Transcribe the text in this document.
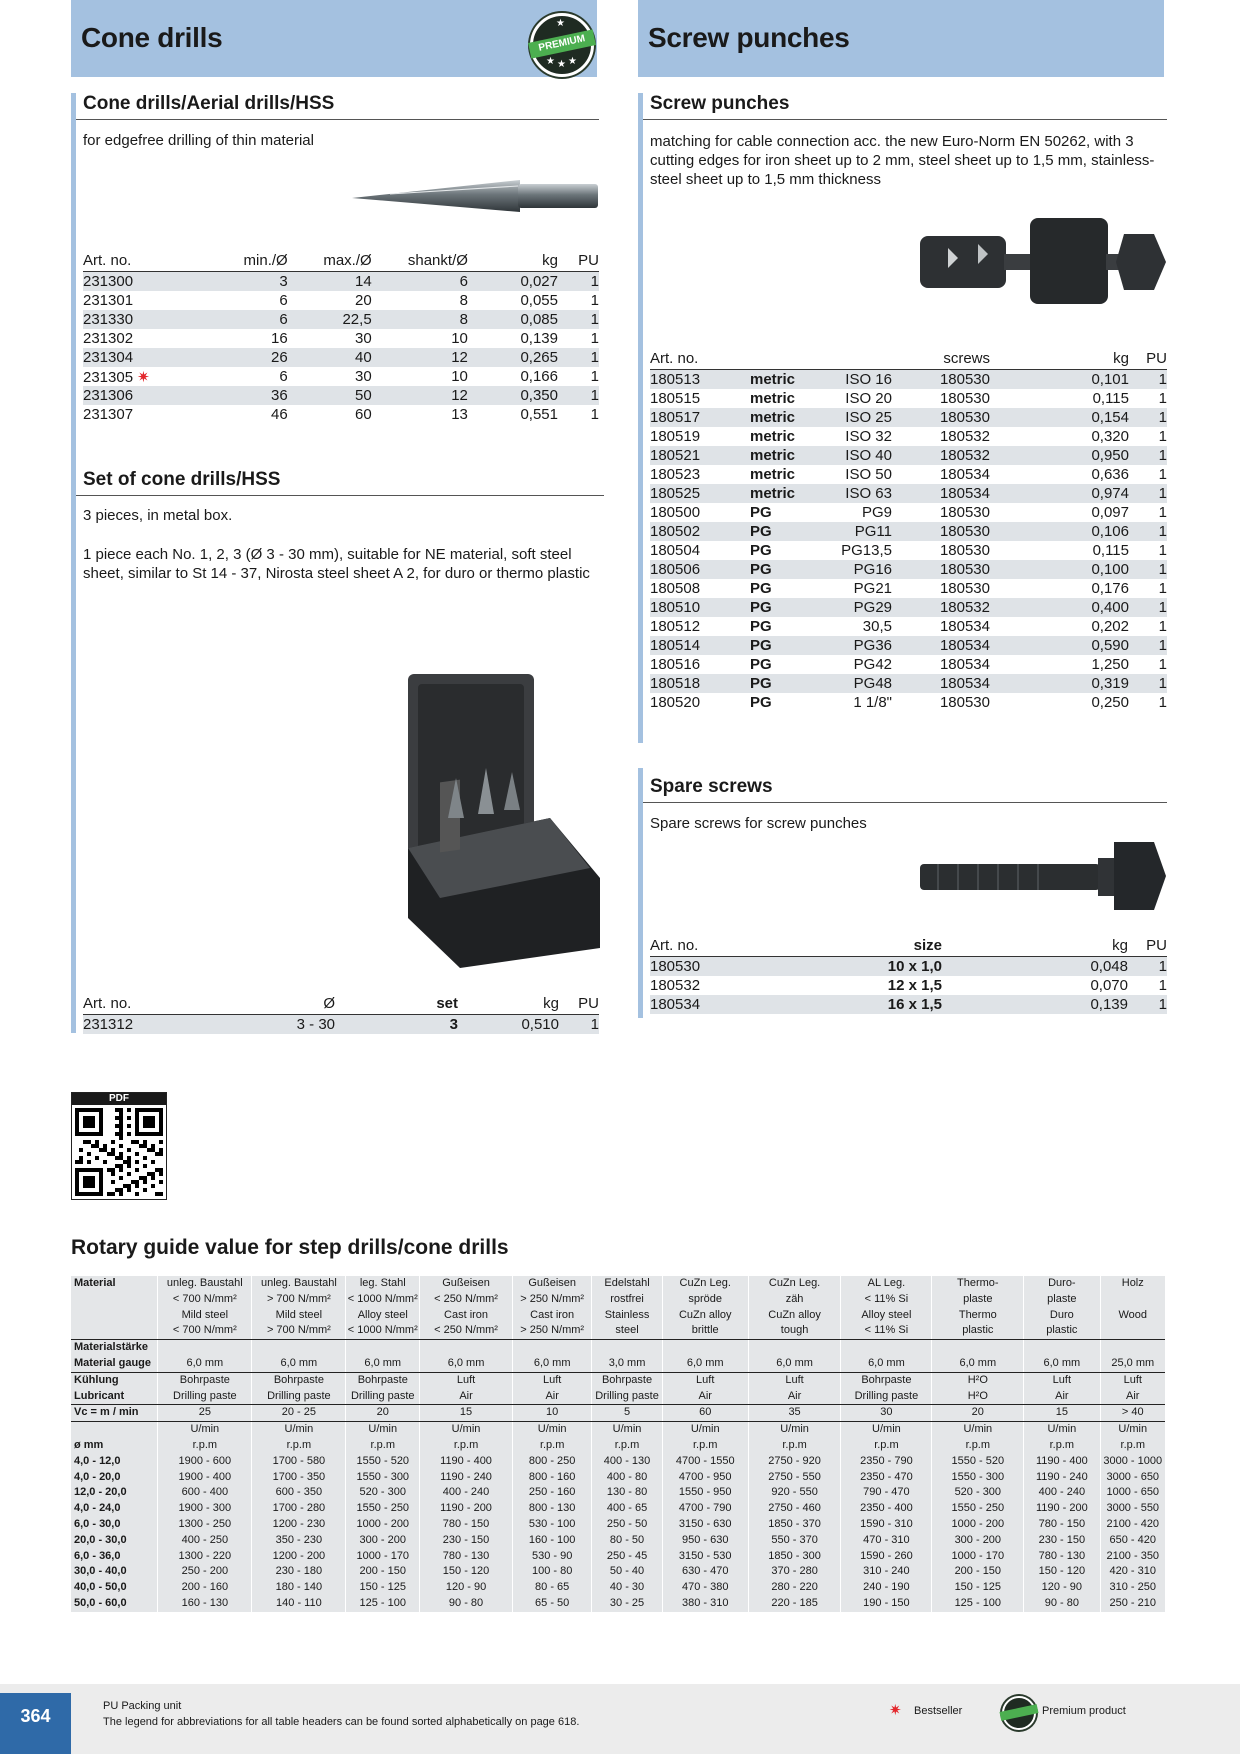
Cone drills	★
PREMIUM
★ ★ ★
Screw punches
Cone drills/Aerial drills/HSS

for edgefree drilling of thin material

Art. no.	min./Ø	max./Ø	shankt/Ø	kg	PU
231300	3	14	6	0,027	1
231301	6	20	8	0,055	1
231330	6	22,5	8	0,085	1
231302	16	30	10	0,139	1
231304	26	40	12	0,265	1
231305 ✷	6	30	10	0,166	1
231306	36	50	12	0,350	1
231307	46	60	13	0,551	1
Set of cone drills/HSS

3 pieces, in metal box.

1 piece each No. 1, 2, 3 (Ø 3 - 30 mm), suitable for NE material, soft steel sheet, similar to St 14 - 37, Nirosta steel sheet A 2, for duro or thermo plastic

Art. no.	Ø	set	kg	PU
231312	3 - 30	3	0,510	1
Screw punches

matching for cable connection acc. the new Euro-Norm EN 50262, with 3 cutting edges for iron sheet up to 2 mm, steel sheet up to 1,5 mm, stainless-steel sheet up to 1,5 mm thickness

Art. no.			screws	kg	PU
180513	metric	ISO 16	180530	0,101	1
180515	metric	ISO 20	180530	0,115	1
180517	metric	ISO 25	180530	0,154	1
180519	metric	ISO 32	180532	0,320	1
180521	metric	ISO 40	180532	0,950	1
180523	metric	ISO 50	180534	0,636	1
180525	metric	ISO 63	180534	0,974	1
180500	PG	PG9	180530	0,097	1
180502	PG	PG11	180530	0,106	1
180504	PG	PG13,5	180530	0,115	1
180506	PG	PG16	180530	0,100	1
180508	PG	PG21	180530	0,176	1
180510	PG	PG29	180532	0,400	1
180512	PG	30,5	180534	0,202	1
180514	PG	PG36	180534	0,590	1
180516	PG	PG42	180534	1,250	1
180518	PG	PG48	180534	0,319	1
180520	PG	1 1/8"	180530	0,250	1
Spare screws

Spare screws for screw punches

Art. no.	size	kg	PU
180530	10 x 1,0	0,048	1
180532	12 x 1,5	0,070	1
180534	16 x 1,5	0,139	1
PDF
Rotary guide value for step drills/cone drills
Material	unleg. Baustahl	unleg. Baustahl	leg. Stahl	Gußeisen	Gußeisen	Edelstahl	CuZn Leg.	CuZn Leg.	AL Leg.	Thermo-	Duro-	Holz
	< 700 N/mm²	> 700 N/mm²	< 1000 N/mm²	< 250 N/mm²	> 250 N/mm²	rostfrei	spröde	zäh	< 11% Si	plaste	plaste	
	Mild steel	Mild steel	Alloy steel	Cast iron	Cast iron	Stainless	CuZn alloy	CuZn alloy	Alloy steel	Thermo	Duro	Wood
	< 700 N/mm²	> 700 N/mm²	< 1000 N/mm²	< 250 N/mm²	> 250 N/mm²	steel	brittle	tough	< 11% Si	plastic	plastic	
Materialstärke												
Material gauge	6,0 mm	6,0 mm	6,0 mm	6,0 mm	6,0 mm	3,0 mm	6,0 mm	6,0 mm	6,0 mm	6,0 mm	6,0 mm	25,0 mm
Kühlung	Bohrpaste	Bohrpaste	Bohrpaste	Luft	Luft	Bohrpaste	Luft	Luft	Bohrpaste	H²O	Luft	Luft
Lubricant	Drilling paste	Drilling paste	Drilling paste	Air	Air	Drilling paste	Air	Air	Drilling paste	H²O	Air	Air
Vc = m / min	25	20 - 25	20	15	10	5	60	35	30	20	15	> 40
	U/min	U/min	U/min	U/min	U/min	U/min	U/min	U/min	U/min	U/min	U/min	U/min
ø mm	r.p.m	r.p.m	r.p.m	r.p.m	r.p.m	r.p.m	r.p.m	r.p.m	r.p.m	r.p.m	r.p.m	r.p.m
4,0 - 12,0	1900 - 600	1700 - 580	1550 - 520	1190 - 400	800 - 250	400 - 130	4700 - 1550	2750 - 920	2350 - 790	1550 - 520	1190 - 400	3000 - 1000
4,0 - 20,0	1900 - 400	1700 - 350	1550 - 300	1190 - 240	800 - 160	400 - 80	4700 - 950	2750 - 550	2350 - 470	1550 - 300	1190 - 240	3000 - 650
12,0 - 20,0	600 - 400	600 - 350	520 - 300	400 - 240	250 - 160	130 - 80	1550 - 950	920 - 550	790 - 470	520 - 300	400 - 240	1000 - 650
4,0 - 24,0	1900 - 300	1700 - 280	1550 - 250	1190 - 200	800 - 130	400 - 65	4700 - 790	2750 - 460	2350 - 400	1550 - 250	1190 - 200	3000 - 550
6,0 - 30,0	1300 - 250	1200 - 230	1000 - 200	780 - 150	530 - 100	250 - 50	3150 - 630	1850 - 370	1590 - 310	1000 - 200	780 - 150	2100 - 420
20,0 - 30,0	400 - 250	350 - 230	300 - 200	230 - 150	160 - 100	80 - 50	950 - 630	550 - 370	470 - 310	300 - 200	230 - 150	650 - 420
6,0 - 36,0	1300 - 220	1200 - 200	1000 - 170	780 - 130	530 - 90	250 - 45	3150 - 530	1850 - 300	1590 - 260	1000 - 170	780 - 130	2100 - 350
30,0 - 40,0	250 - 200	230 - 180	200 - 150	150 - 120	100 - 80	50 - 40	630 - 470	370 - 280	310 - 240	200 - 150	150 - 120	420 - 310
40,0 - 50,0	200 - 160	180 - 140	150 - 125	120 - 90	80 - 65	40 - 30	470 - 380	280 - 220	240 - 190	150 - 125	120 - 90	310 - 250
50,0 - 60,0	160 - 130	140 - 110	125 - 100	90 - 80	65 - 50	30 - 25	380 - 310	220 - 185	190 - 150	125 - 100	90 - 80	250 - 210
364	PU Packing unit
The legend for abbreviations for all table headers can be found sorted alphabetically on page 618.
✷ Bestseller	Premium product
